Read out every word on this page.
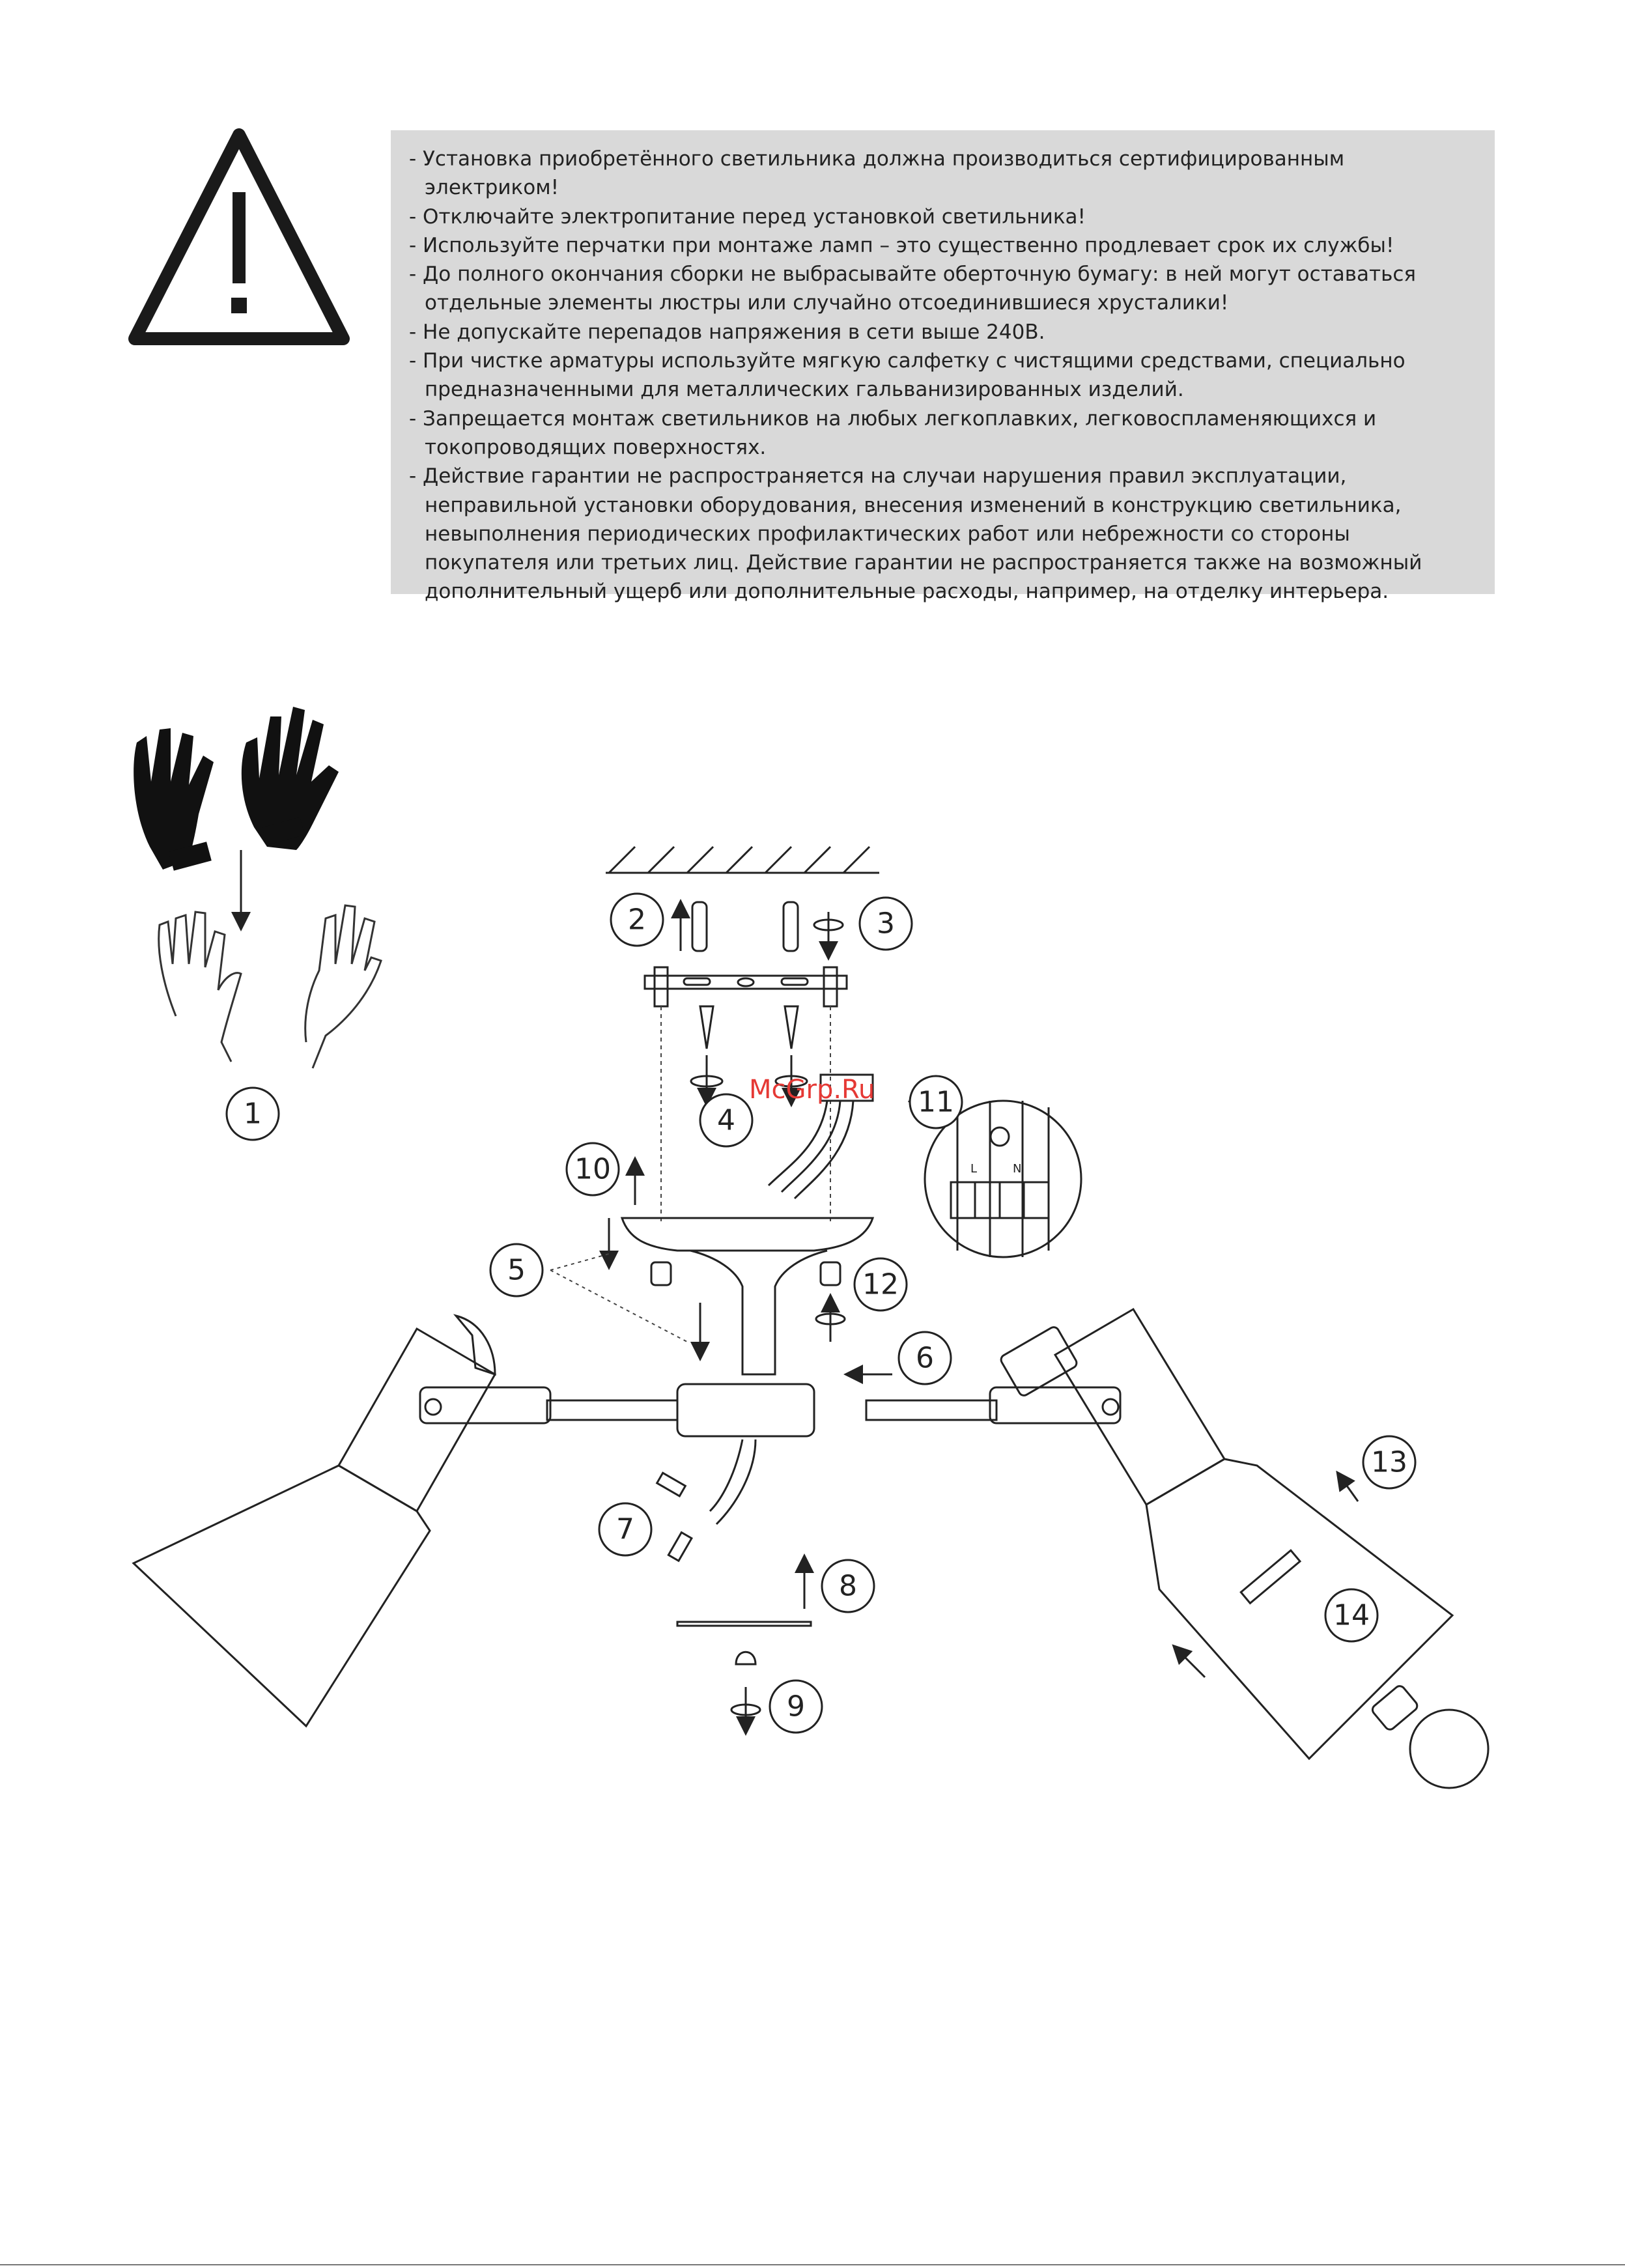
- Установка приобретённого светильника должна производиться сертифицированным электриком!
- Отключайте электропитание перед установкой светильника!
- Используйте перчатки при монтаже ламп – это существенно продлевает срок их службы!
- До полного окончания сборки не выбрасывайте оберточную бумагу: в ней могут оставаться отдельные элементы люстры или случайно отсоединившиеся хрусталики!
- Не допускайте перепадов напряжения в сети выше 240В.
- При чистке арматуры используйте мягкую салфетку с чистящими средствами, специально предназначенными для металлических гальванизированных изделий.
- Запрещается монтаж светильников на любых легкоплавких, легковоспламеняющихся и токопроводящих поверхностях.
- Действие гарантии не распространяется на случаи нарушения правил эксплуатации, неправильной установки оборудования, внесения изменений в конструкцию светильника, невыполнения периодических профилактических работ или небрежности со стороны покупателя или третьих лиц. Действие гарантии не распространяется также на возможный дополнительный ущерб или дополнительные расходы, например, на отделку интерьера.
L	N
1
2	3
4
5
6
7
8
9
10
11
12
13
14
McGrp.Ru
